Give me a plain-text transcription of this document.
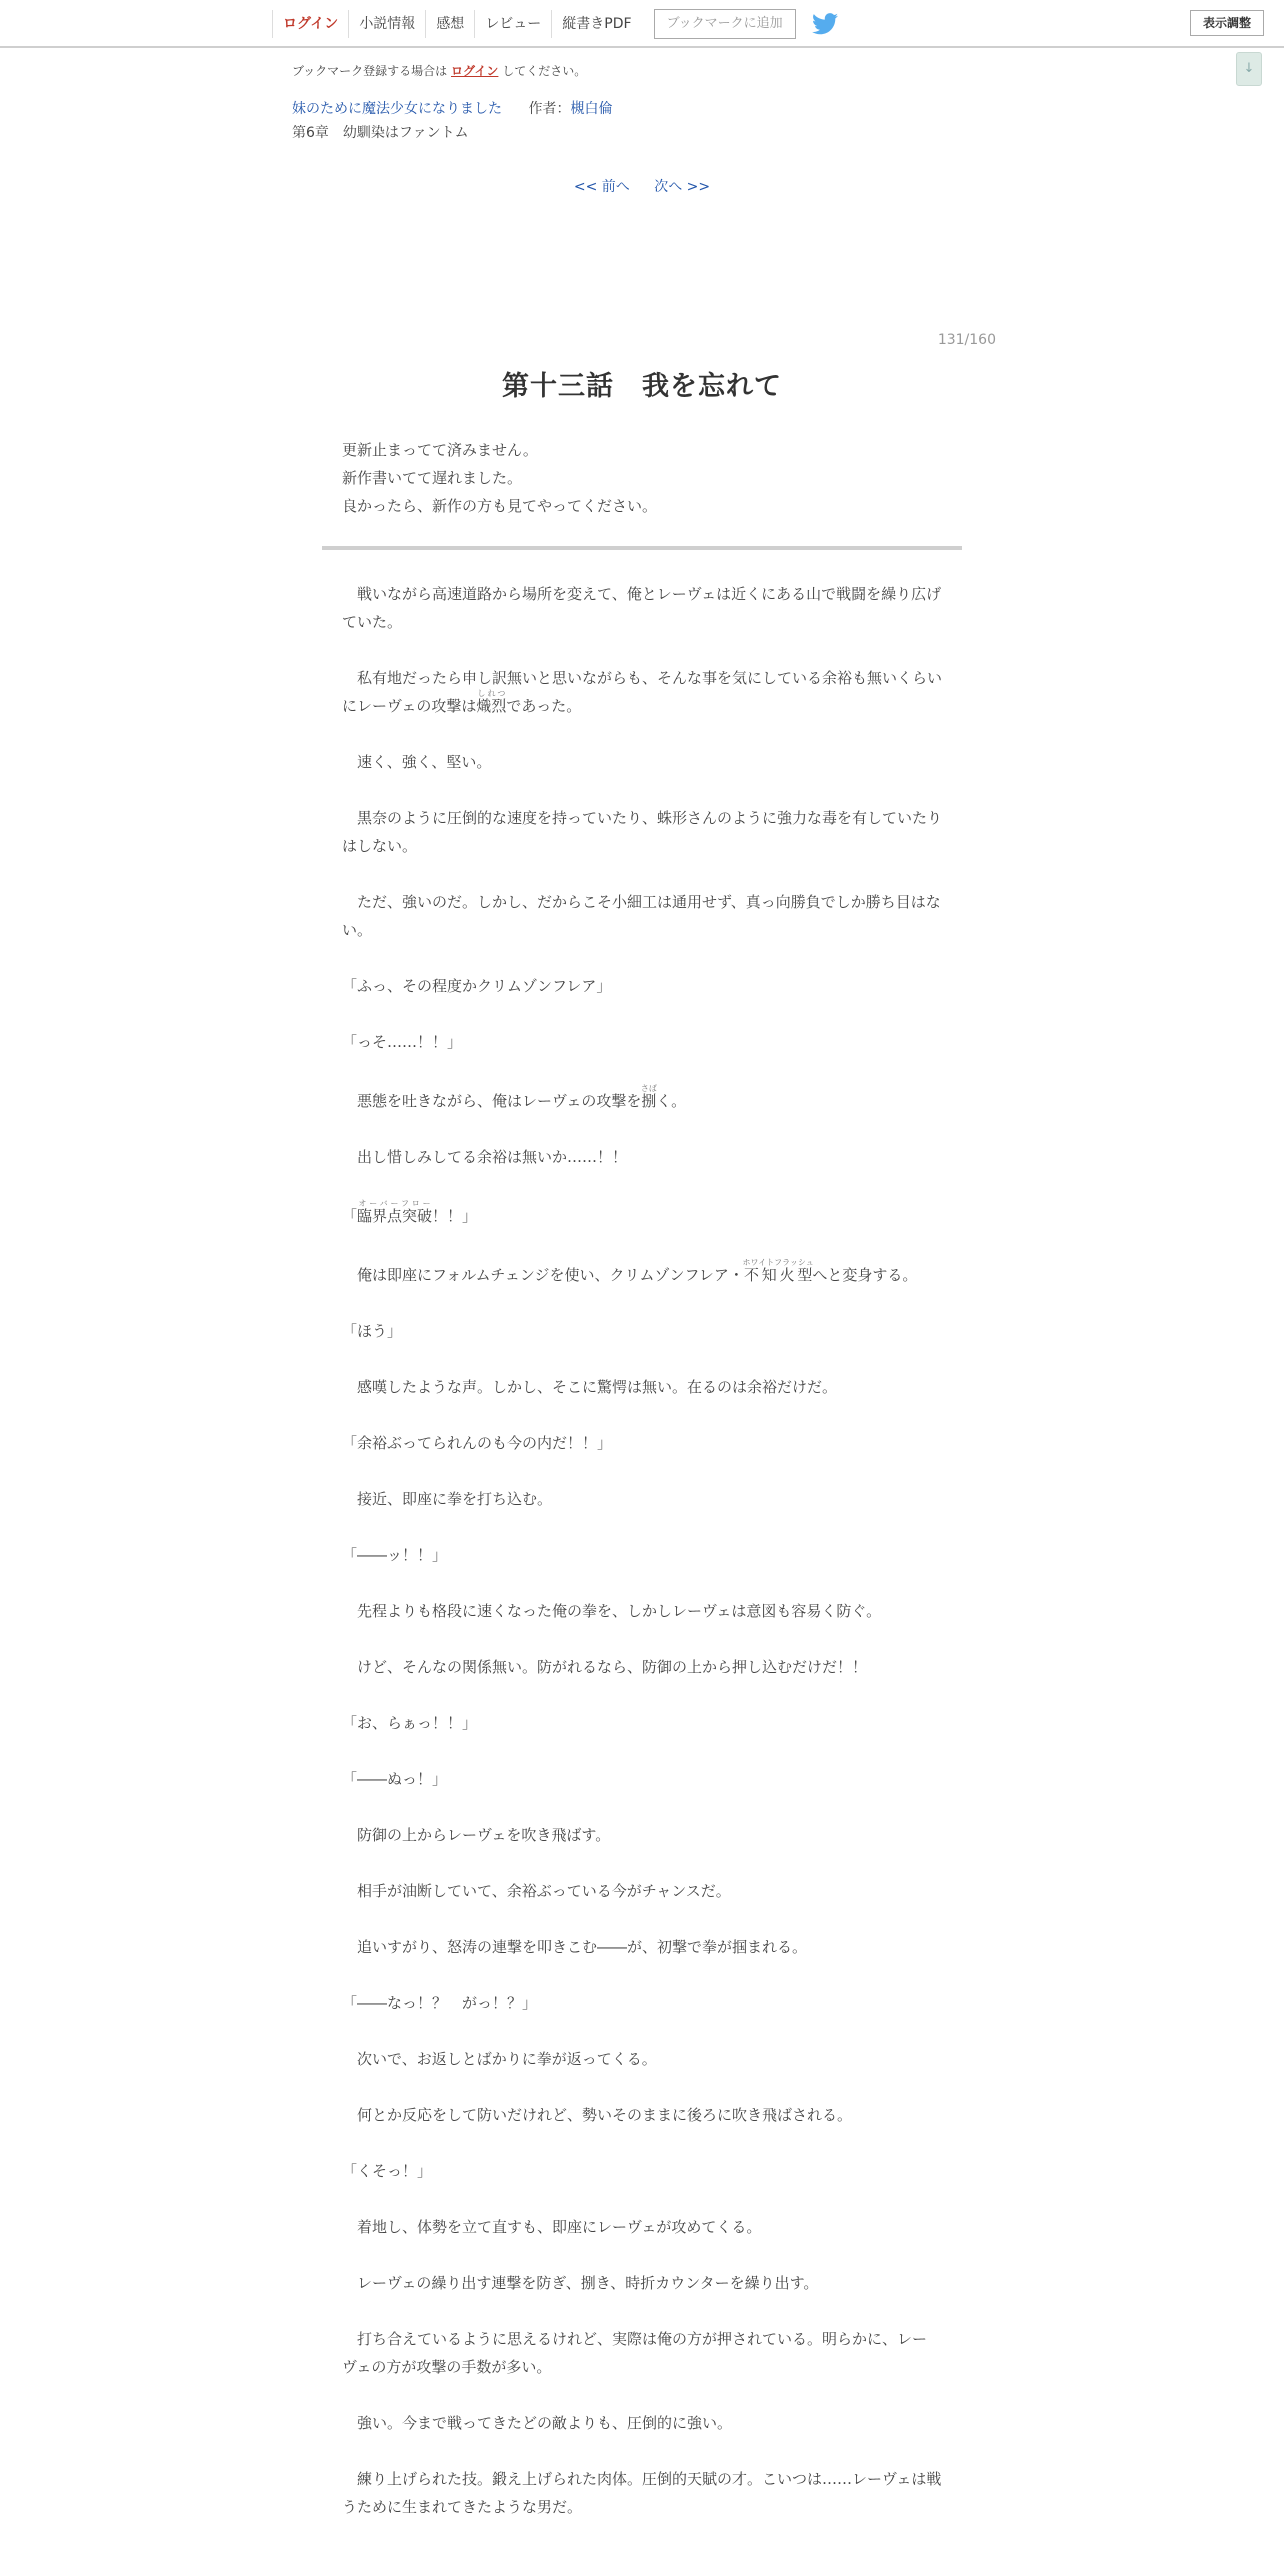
ログイン	小説情報	感想	レビュー	縦書きPDF	ブックマークに追加	表示調整
↓
ブックマーク登録する場合は ログイン してください。
妹のために魔法少女になりました 作者：槻白倫
第6章　幼馴染はファントム
<< 前へ 次へ >>
131/160
第十三話　我を忘れて
更新止まってて済みません。
新作書いてて遅れました。
良かったら、新作の方も見てやってください。

　戦いながら高速道路から場所を変えて、俺とレーヴェは近くにある山で戦闘を繰り広げていた。

　私有地だったら申し訳無いと思いながらも、そんな事を気にしている余裕も無いくらいにレーヴェの攻撃は熾烈しれつであった。

　速く、強く、堅い。

　黒奈のように圧倒的な速度を持っていたり、蛛形さんのように強力な毒を有していたりはしない。

　ただ、強いのだ。しかし、だからこそ小細工は通用せず、真っ向勝負でしか勝ち目はない。

「ふっ、その程度かクリムゾンフレア」

「っそ……！！」

　悪態を吐きながら、俺はレーヴェの攻撃を捌さばく。

　出し惜しみしてる余裕は無いか……！！

「臨界点突破オーバーフロー！！」

　俺は即座にフォルムチェンジを使い、クリムゾンフレア・不知火型ホワイトフラッシュへと変身する。

「ほう」

　感嘆したような声。しかし、そこに驚愕は無い。在るのは余裕だけだ。

「余裕ぶってられんのも今の内だ！！」

　接近、即座に拳を打ち込む。

「――ッ！！」

　先程よりも格段に速くなった俺の拳を、しかしレーヴェは意図も容易く防ぐ。

　けど、そんなの関係無い。防がれるなら、防御の上から押し込むだけだ！！

「お、らぁっ！！」

「――ぬっ！」

　防御の上からレーヴェを吹き飛ばす。

　相手が油断していて、余裕ぶっている今がチャンスだ。

　追いすがり、怒涛の連撃を叩きこむ――が、初撃で拳が掴まれる。

「――なっ！？　がっ！？」

　次いで、お返しとばかりに拳が返ってくる。

　何とか反応をして防いだけれど、勢いそのままに後ろに吹き飛ばされる。

「くそっ！」

　着地し、体勢を立て直すも、即座にレーヴェが攻めてくる。

　レーヴェの繰り出す連撃を防ぎ、捌き、時折カウンターを繰り出す。

　打ち合えているように思えるけれど、実際は俺の方が押されている。明らかに、レーヴェの方が攻撃の手数が多い。

　強い。今まで戦ってきたどの敵よりも、圧倒的に強い。

　練り上げられた技。鍛え上げられた肉体。圧倒的天賦の才。こいつは……レーヴェは戦うために生まれてきたような男だ。
